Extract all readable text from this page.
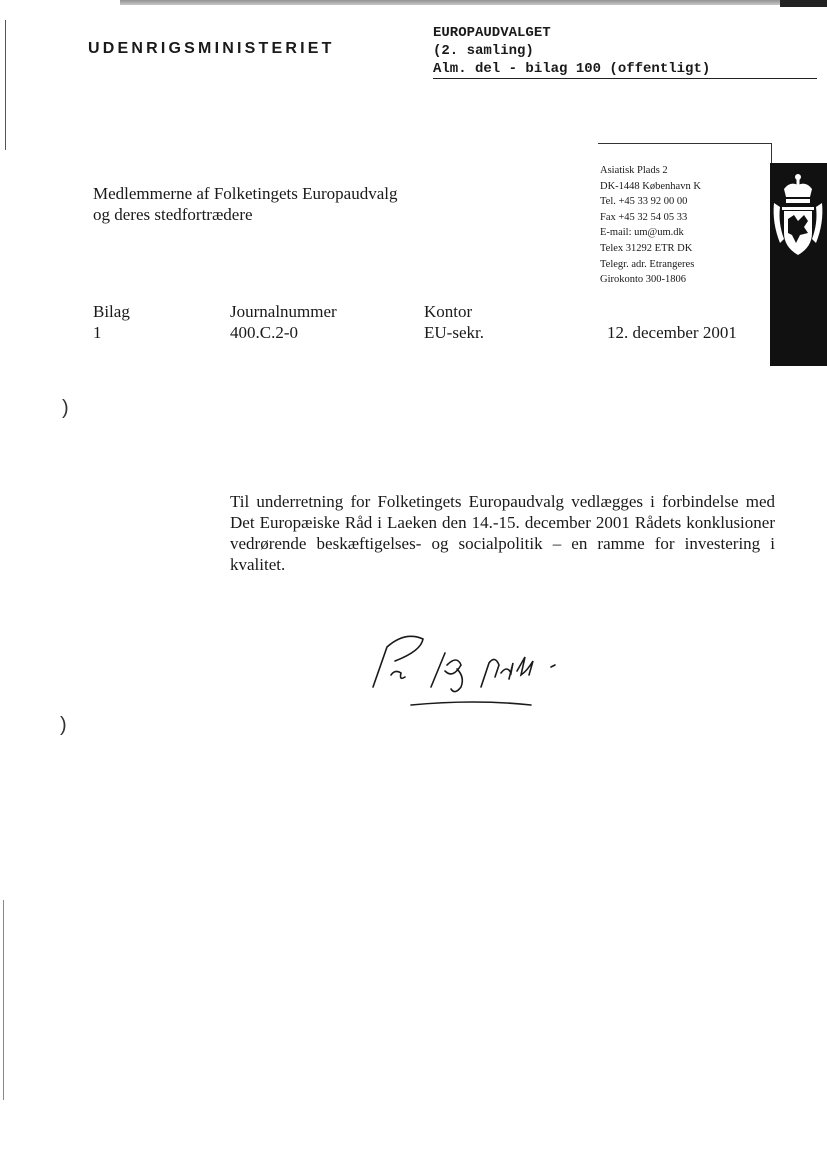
UDENRIGSMINISTERIET
EUROPAUDVALGET
(2. samling)
Alm. del - bilag 100 (offentligt)
Medlemmerne af Folketingets Europaudvalg
og deres stedfortrædere
Asiatisk Plads 2
DK-1448 København K
Tel. +45 33 92 00 00
Fax +45 32 54 05 33
E-mail: um@um.dk
Telex 31292 ETR DK
Telegr. adr. Etrangeres
Girokonto 300-1806
Bilag
1
Journalnummer
400.C.2-0
Kontor
EU-sekr.	12. december 2001
)
)
Til underretning for Folketingets Europaudvalg vedlægges i forbindelse med Det Europæiske Råd i Laeken den 14.-15. december 2001 Rådets konklusioner vedrørende beskæftigelses- og socialpolitik – en ramme for investering i kvalitet.
